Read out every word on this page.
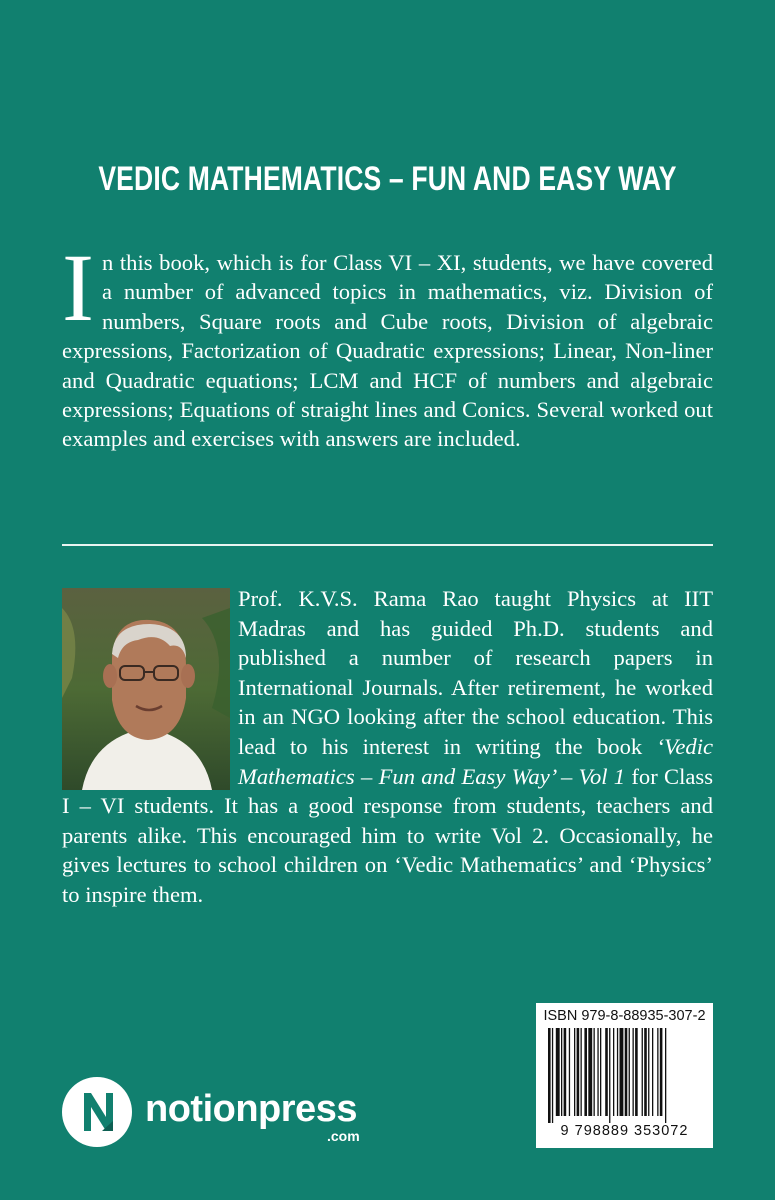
VEDIC MATHEMATICS – FUN AND EASY WAY
In this book, which is for Class VI – XI, students, we have covered a number of advanced topics in mathematics, viz. Division of numbers, Square roots and Cube roots, Division of algebraic expressions, Factorization of Quadratic expressions; Linear, Non-liner and Quadratic equations; LCM and HCF of numbers and algebraic expressions; Equations of straight lines and Conics. Several worked out examples and exercises with answers are included.
Prof. K.V.S. Rama Rao taught Physics at IIT Madras and has guided Ph.D. students and published a number of research papers in International Journals. After retirement, he worked in an NGO looking after the school education. This lead to his interest in writing the book ‘Vedic Mathematics – Fun and Easy Way’ – Vol 1 for Class I – VI students. It has a good response from students, teachers and parents alike. This encouraged him to write Vol 2. Occasionally, he gives lectures to school children on ‘Vedic Mathematics’ and ‘Physics’ to inspire them.
ISBN 979-8-88935-307-2
9 798889 353072
notionpress
.com
